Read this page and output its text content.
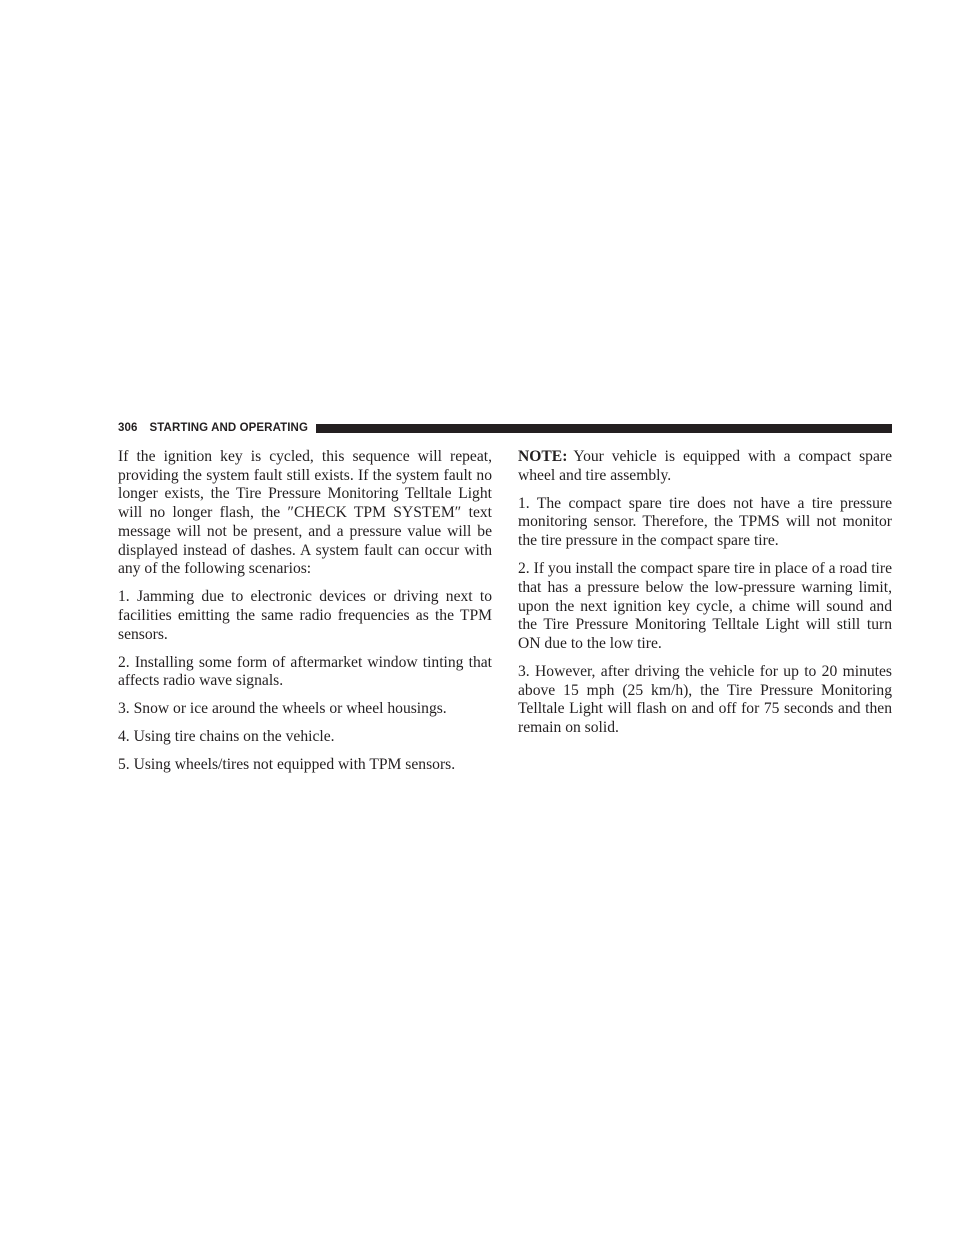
306 STARTING AND OPERATING

If the ignition key is cycled, this sequence will repeat, providing the system fault still exists. If the system fault no longer exists, the Tire Pressure Monitoring Telltale Light will no longer flash, the ″CHECK TPM SYSTEM″ text message will not be present, and a pressure value will be displayed instead of dashes. A system fault can occur with any of the following scenarios:

1. Jamming due to electronic devices or driving next to facilities emitting the same radio frequencies as the TPM sensors.

2. Installing some form of aftermarket window tinting that affects radio wave signals.

3. Snow or ice around the wheels or wheel housings.

4. Using tire chains on the vehicle.

5. Using wheels/tires not equipped with TPM sensors.

NOTE: Your vehicle is equipped with a compact spare wheel and tire assembly.

1. The compact spare tire does not have a tire pressure monitoring sensor. Therefore, the TPMS will not monitor the tire pressure in the compact spare tire.

2. If you install the compact spare tire in place of a road tire that has a pressure below the low-pressure warning limit, upon the next ignition key cycle, a chime will sound and the Tire Pressure Monitoring Telltale Light will still turn ON due to the low tire.

3. However, after driving the vehicle for up to 20 minutes above 15 mph (25 km/h), the Tire Pressure Monitoring Telltale Light will flash on and off for 75 seconds and then remain on solid.
